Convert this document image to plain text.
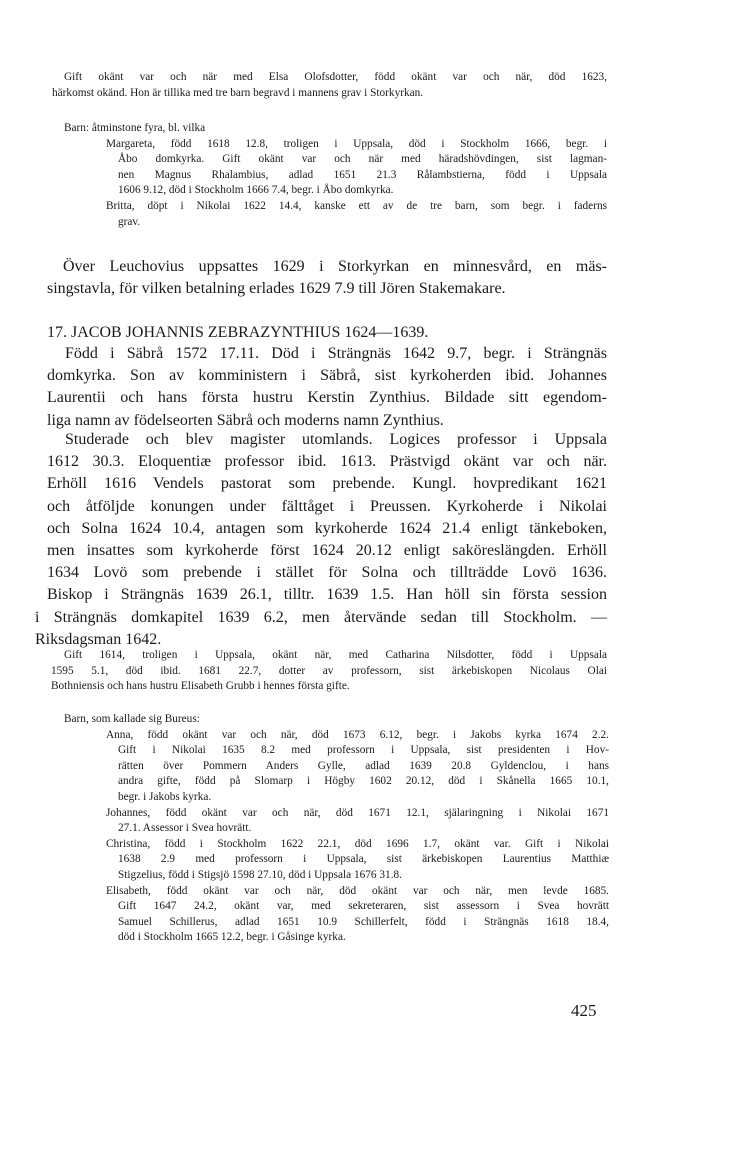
Gift okänt var och när med Elsa Olofsdotter, född okänt var och när, död 1623,
härkomst okänd. Hon är tillika med tre barn begravd i mannens grav i Storkyrkan.
Barn: åtminstone fyra, bl. vilka
Margareta, född 1618 12.8, troligen i Uppsala, död i Stockholm 1666, begr. i
Åbo domkyrka. Gift okänt var och när med häradshövdingen, sist lagman-
nen Magnus Rhalambius, adlad 1651 21.3 Rålambstierna, född i Uppsala
1606 9.12, död i Stockholm 1666 7.4, begr. i Åbo domkyrka.
Britta, döpt i Nikolai 1622 14.4, kanske ett av de tre barn, som begr. i faderns
grav.
Över Leuchovius uppsattes 1629 i Storkyrkan en minnesvård, en mäs-
singstavla, för vilken betalning erlades 1629 7.9 till Jören Stakemakare.
17. JACOB JOHANNIS ZEBRAZYNTHIUS 1624—1639.
Född i Säbrå 1572 17.11. Död i Strängnäs 1642 9.7, begr. i Strängnäs
domkyrka. Son av komministern i Säbrå, sist kyrkoherden ibid. Johannes
Laurentii och hans första hustru Kerstin Zynthius. Bildade sitt egendom-
liga namn av födelseorten Säbrå och moderns namn Zynthius.
Studerade och blev magister utomlands. Logices professor i Uppsala
1612 30.3. Eloquentiæ professor ibid. 1613. Prästvigd okänt var och när.
Erhöll 1616 Vendels pastorat som prebende. Kungl. hovpredikant 1621
och åtföljde konungen under fälttåget i Preussen. Kyrkoherde i Nikolai
och Solna 1624 10.4, antagen som kyrkoherde 1624 21.4 enligt tänkeboken,
men insattes som kyrkoherde först 1624 20.12 enligt saköreslängden. Erhöll
1634 Lovö som prebende i stället för Solna och tillträdde Lovö 1636.
Biskop i Strängnäs 1639 26.1, tilltr. 1639 1.5. Han höll sin första session
i Strängnäs domkapitel 1639 6.2, men återvände sedan till Stockholm. —
Riksdagsman 1642.
Gift 1614, troligen i Uppsala, okänt när, med Catharina Nilsdotter, född i Uppsala
1595 5.1, död ibid. 1681 22.7, dotter av professorn, sist ärkebiskopen Nicolaus Olai
Bothniensis och hans hustru Elisabeth Grubb i hennes första gifte.
Barn, som kallade sig Bureus:
Anna, född okänt var och när, död 1673 6.12, begr. i Jakobs kyrka 1674 2.2.
Gift i Nikolai 1635 8.2 med professorn i Uppsala, sist presidenten i Hov-
rätten över Pommern Anders Gylle, adlad 1639 20.8 Gyldenclou, i hans
andra gifte, född på Slomarp i Högby 1602 20.12, död i Skånella 1665 10.1,
begr. i Jakobs kyrka.
Johannes, född okänt var och när, död 1671 12.1, själaringning i Nikolai 1671
27.1. Assessor i Svea hovrätt.
Christina, född i Stockholm 1622 22.1, död 1696 1.7, okänt var. Gift i Nikolai
1638 2.9 med professorn i Uppsala, sist ärkebiskopen Laurentius Matthiæ
Stigzelius, född i Stigsjö 1598 27.10, död i Uppsala 1676 31.8.
Elisabeth, född okänt var och när, död okänt var och när, men levde 1685.
Gift 1647 24.2, okänt var, med sekreteraren, sist assessorn i Svea hovrätt
Samuel Schillerus, adlad 1651 10.9 Schillerfelt, född i Strängnäs 1618 18.4,
död i Stockholm 1665 12.2, begr. i Gåsinge kyrka.
425
